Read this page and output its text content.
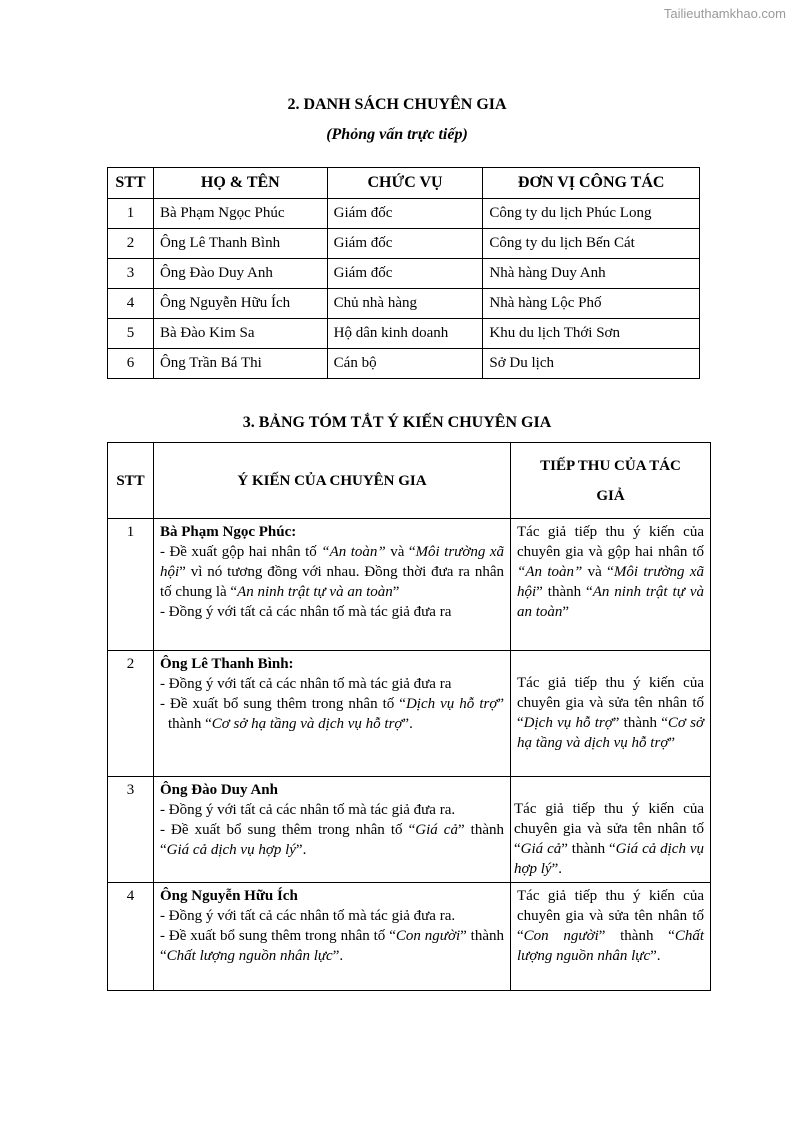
Tailieuthamkhao.com
2. DANH SÁCH CHUYÊN GIA
(Phỏng vấn trực tiếp)
STT	HỌ & TÊN	CHỨC VỤ	ĐƠN VỊ CÔNG TÁC
1	Bà Phạm Ngọc Phúc	Giám đốc	Công ty du lịch Phúc Long
2	Ông Lê Thanh Bình	Giám đốc	Công ty du lịch Bến Cát
3	Ông Đào Duy Anh	Giám đốc	Nhà hàng Duy Anh
4	Ông Nguyễn Hữu Ích	Chủ nhà hàng	Nhà hàng Lộc Phố
5	Bà Đào Kim Sa	Hộ dân kinh doanh	Khu du lịch Thới Sơn
6	Ông Trần Bá Thi	Cán bộ	Sở Du lịch
3. BẢNG TÓM TẮT Ý KIẾN CHUYÊN GIA
STT	Ý KIẾN CỦA CHUYÊN GIA	TIẾP THU CỦA TÁC
GIẢ

1	Bà Phạm Ngọc Phúc:
- Đề xuất gộp hai nhân tố “An toàn” và “Môi trường xã hội” vì nó tương đồng với nhau. Đồng thời đưa ra nhân tố chung là “An ninh trật tự và an toàn”
- Đồng ý với tất cả các nhân tố mà tác giả đưa ra	Tác giả tiếp thu ý kiến của chuyên gia và gộp hai nhân tố “An toàn” và “Môi trường xã hội” thành “An ninh trật tự và an toàn”
2	Ông Lê Thanh Bình:
- Đồng ý với tất cả các nhân tố mà tác giả đưa ra
- Đề xuất bổ sung thêm trong nhân tố “Dịch vụ hỗ trợ” thành “Cơ sở hạ tầng và dịch vụ hỗ trợ”.	Tác giả tiếp thu ý kiến của chuyên gia và sửa tên nhân tố “Dịch vụ hỗ trợ” thành “Cơ sở hạ tầng và dịch vụ hỗ trợ”
3	Ông Đào Duy Anh
- Đồng ý với tất cả các nhân tố mà tác giả đưa ra.
- Đề xuất bổ sung thêm trong nhân tố “Giá cả” thành “Giá cả dịch vụ hợp lý”.	Tác giả tiếp thu ý kiến của chuyên gia và sửa tên nhân tố “Giá cả” thành “Giá cả dịch vụ hợp lý”.
4	Ông Nguyễn Hữu Ích
- Đồng ý với tất cả các nhân tố mà tác giả đưa ra.
- Đề xuất bổ sung thêm trong nhân tố “Con người” thành “Chất lượng nguồn nhân lực”.	Tác giả tiếp thu ý kiến của chuyên gia và sửa tên nhân tố “Con người” thành “Chất lượng nguồn nhân lực”.
